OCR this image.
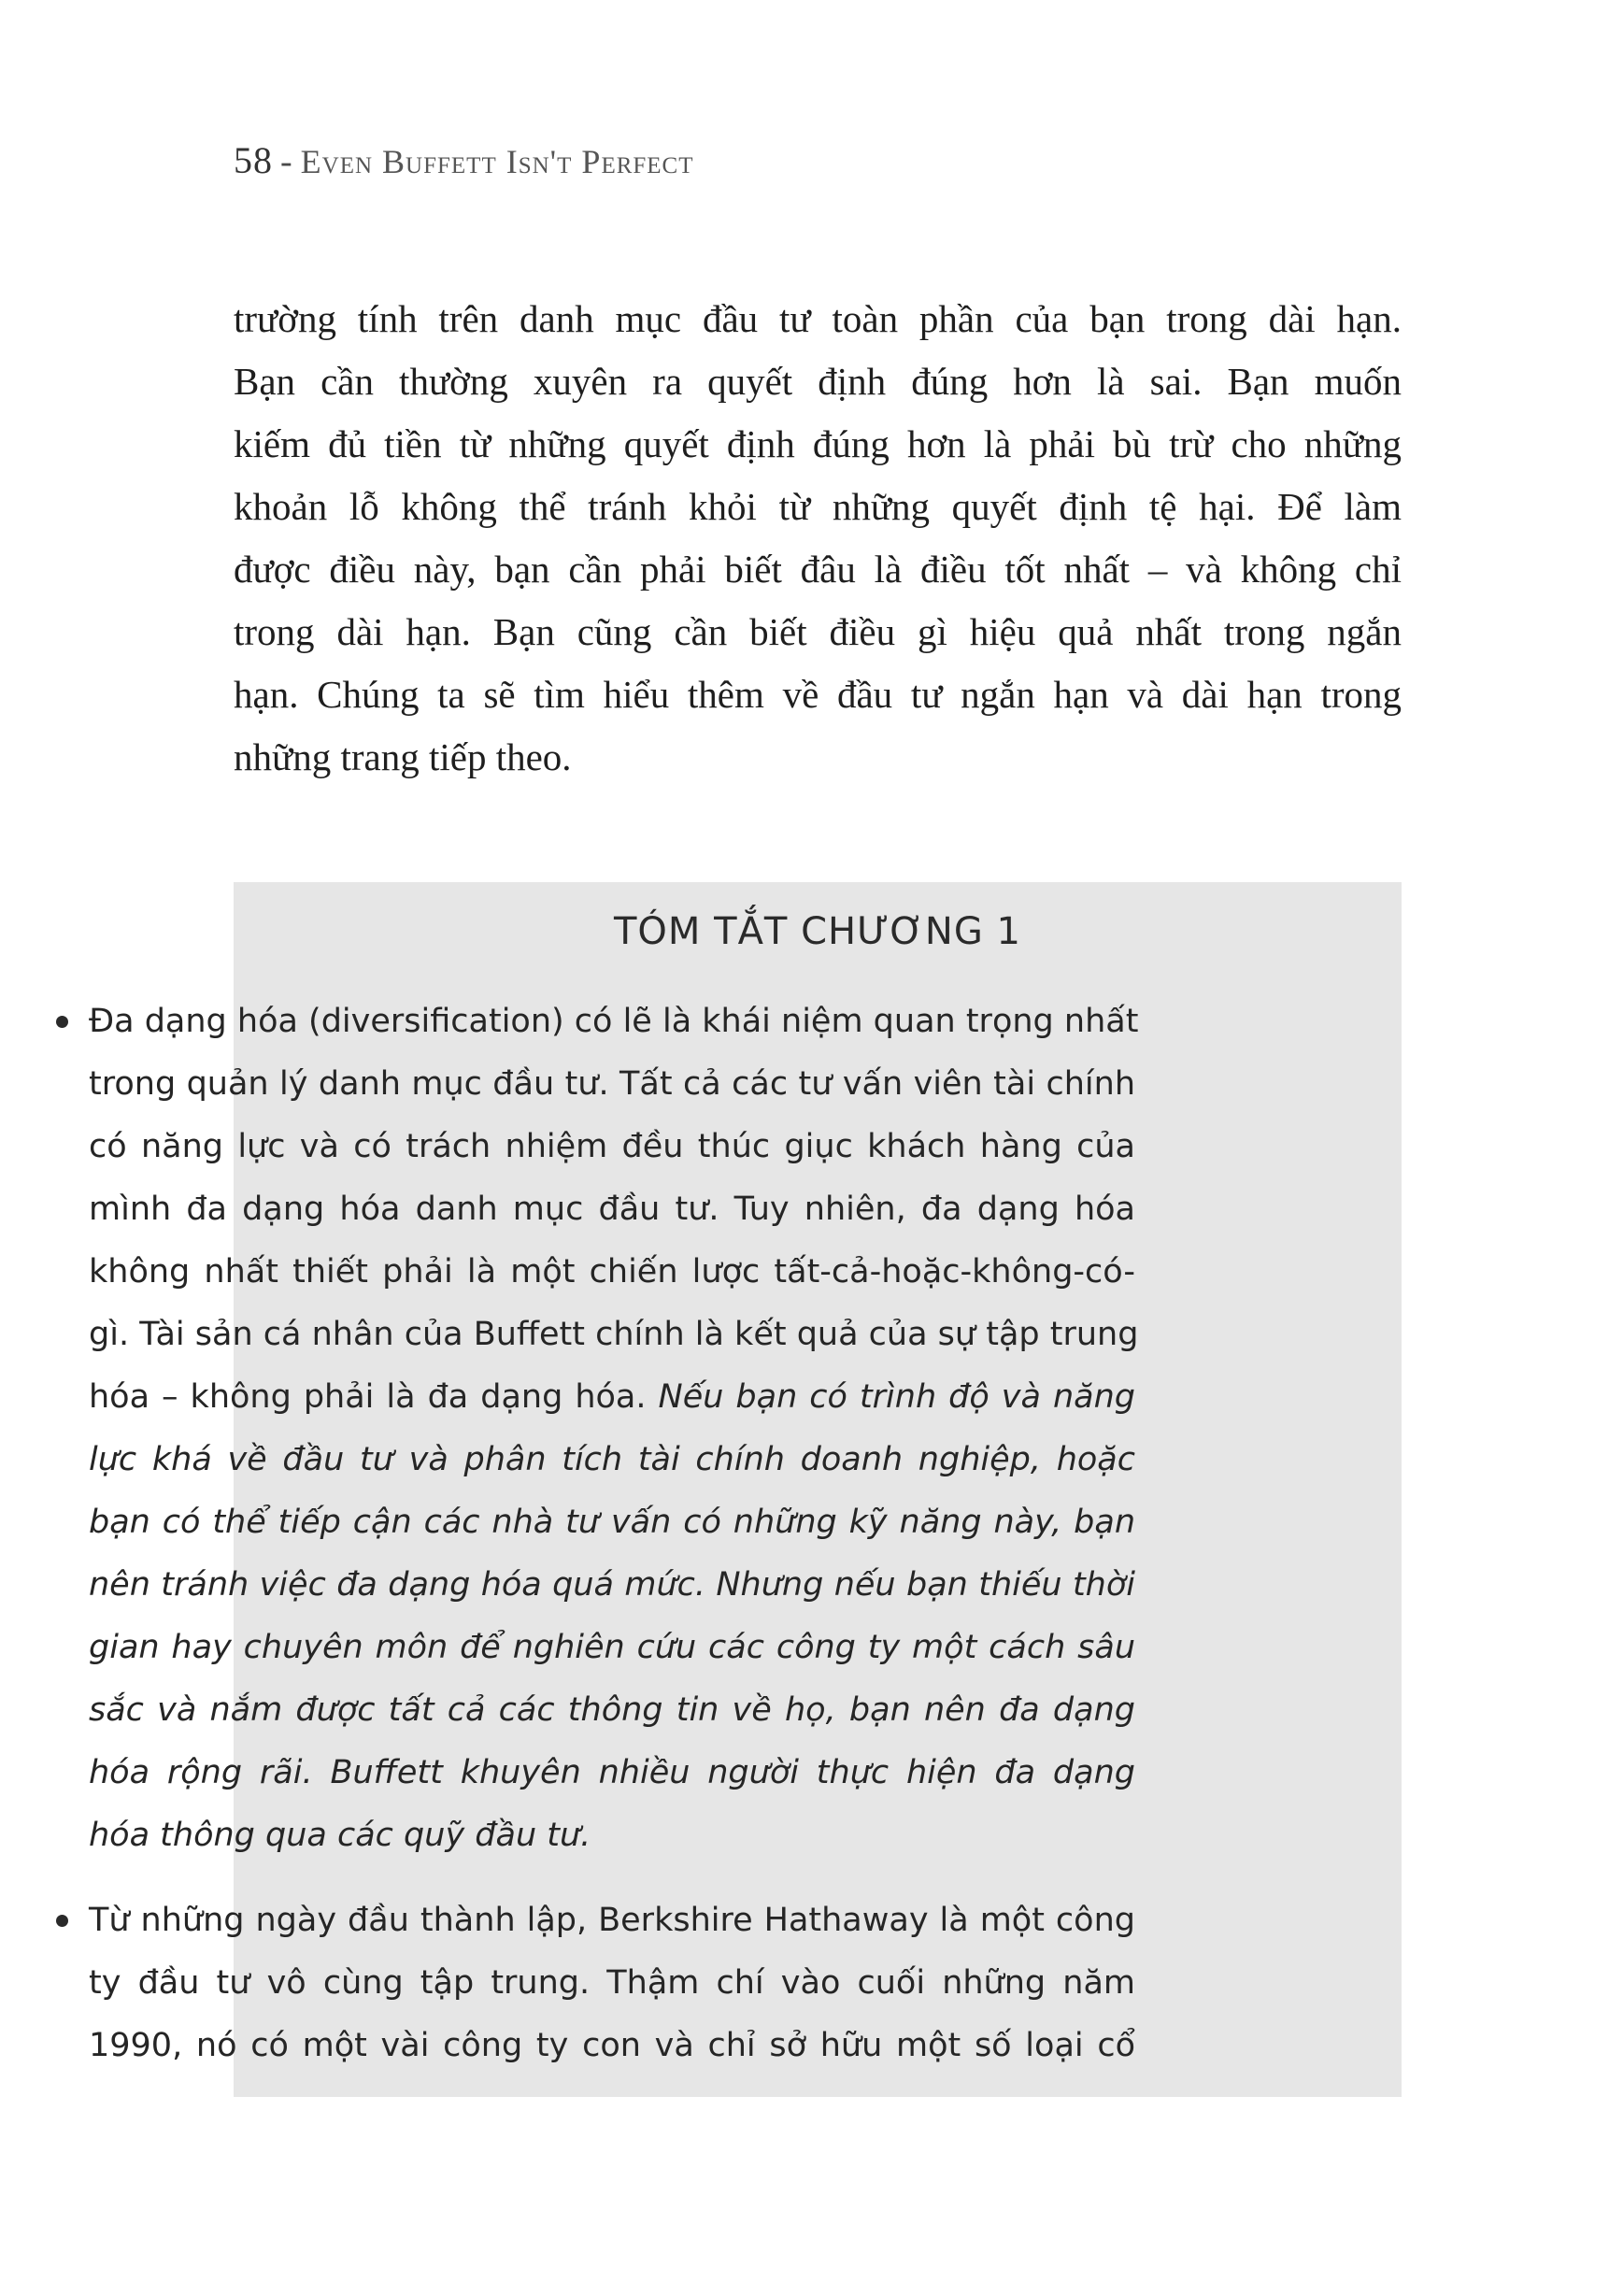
58 - Even Buffett Isn't Perfect
trường tính trên danh mục đầu tư toàn phần của bạn trong dài hạn.
Bạn cần thường xuyên ra quyết định đúng hơn là sai. Bạn muốn
kiếm đủ tiền từ những quyết định đúng hơn là phải bù trừ cho những
khoản lỗ không thể tránh khỏi từ những quyết định tệ hại. Để làm
được điều này, bạn cần phải biết đâu là điều tốt nhất – và không chỉ
trong dài hạn. Bạn cũng cần biết điều gì hiệu quả nhất trong ngắn
hạn. Chúng ta sẽ tìm hiểu thêm về đầu tư ngắn hạn và dài hạn trong
những trang tiếp theo.
TÓM TẮT CHƯƠNG 1
Đa dạng hóa (diversification) có lẽ là khái niệm quan trọng nhất
trong quản lý danh mục đầu tư. Tất cả các tư vấn viên tài chính
có năng lực và có trách nhiệm đều thúc giục khách hàng của
mình đa dạng hóa danh mục đầu tư. Tuy nhiên, đa dạng hóa
không nhất thiết phải là một chiến lược tất-cả-hoặc-không-có-
gì. Tài sản cá nhân của Buffett chính là kết quả của sự tập trung
hóa – không phải là đa dạng hóa. Nếu bạn có trình độ và năng
lực khá về đầu tư và phân tích tài chính doanh nghiệp, hoặc
bạn có thể tiếp cận các nhà tư vấn có những kỹ năng này, bạn
nên tránh việc đa dạng hóa quá mức. Nhưng nếu bạn thiếu thời
gian hay chuyên môn để nghiên cứu các công ty một cách sâu
sắc và nắm được tất cả các thông tin về họ, bạn nên đa dạng
hóa rộng rãi. Buffett khuyên nhiều người thực hiện đa dạng
hóa thông qua các quỹ đầu tư.
Từ những ngày đầu thành lập, Berkshire Hathaway là một công
ty đầu tư vô cùng tập trung. Thậm chí vào cuối những năm
1990, nó có một vài công ty con và chỉ sở hữu một số loại cổ
